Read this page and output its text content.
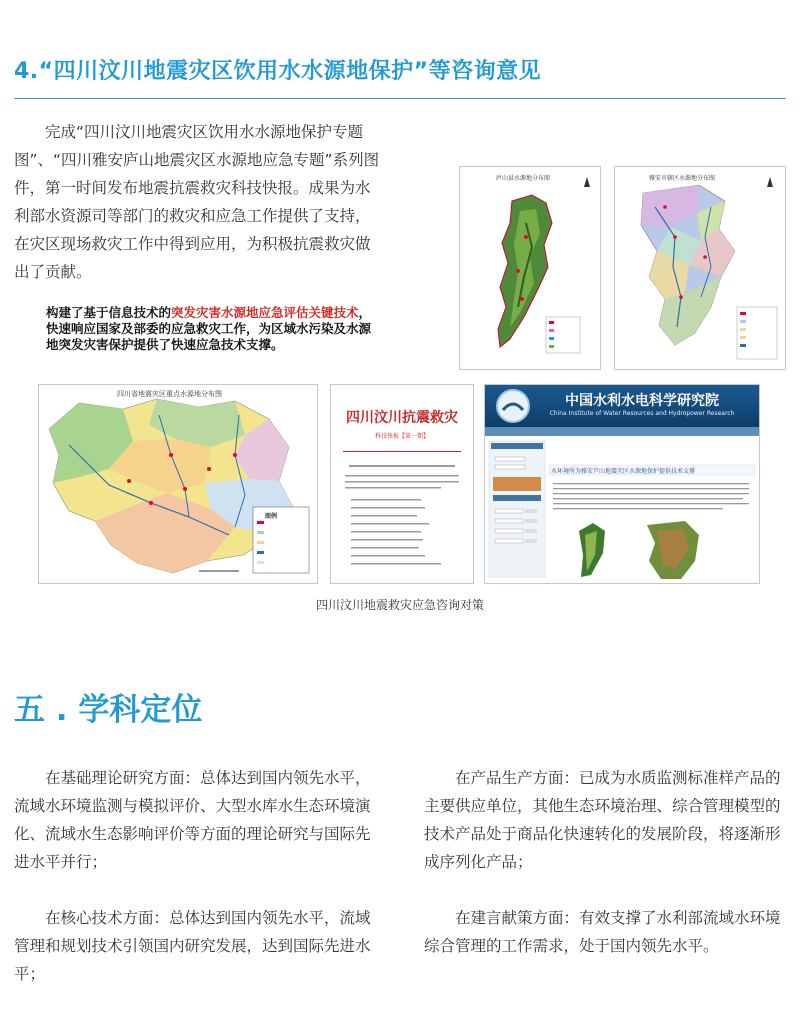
4.“四川汶川地震灾区饮用水水源地保护”等咨询意见

完成“四川汶川地震灾区饮用水水源地保护专题图”、“四川雅安庐山地震灾区水源地应急专题”系列图件，第一时间发布地震抗震救灾科技快报。成果为水利部水资源司等部门的救灾和应急工作提供了支持，在灾区现场救灾工作中得到应用，为积极抗震救灾做出了贡献。

构建了基于信息技术的突发灾害水源地应急评估关键技术，快速响应国家及部委的应急救灾工作，为区域水污染及水源地突发灾害保护提供了快速应急技术支撑。

庐山县水源地分布图	雅安市辖区水源地分布图
四川省地震灾区重点水源地分布图
图例
四川汶川抗震救灾
科技快报【第一期】
中国水利水电科学研究院
China Institute of Water Resources and Hydropower Research
水环境所为雅安芦山地震灾区水源地保护提供技术支撑

四川汶川地震救灾应急咨询对策

五 . 学科定位

在基础理论研究方面：总体达到国内领先水平，流域水环境监测与模拟评价、大型水库水生态环境演化、流域水生态影响评价等方面的理论研究与国际先进水平并行；

在核心技术方面：总体达到国内领先水平，流域管理和规划技术引领国内研究发展，达到国际先进水平；

在产品生产方面：已成为水质监测标准样产品的主要供应单位，其他生态环境治理、综合管理模型的技术产品处于商品化快速转化的发展阶段，将逐渐形成序列化产品；

在建言献策方面：有效支撑了水利部流域水环境综合管理的工作需求，处于国内领先水平。
